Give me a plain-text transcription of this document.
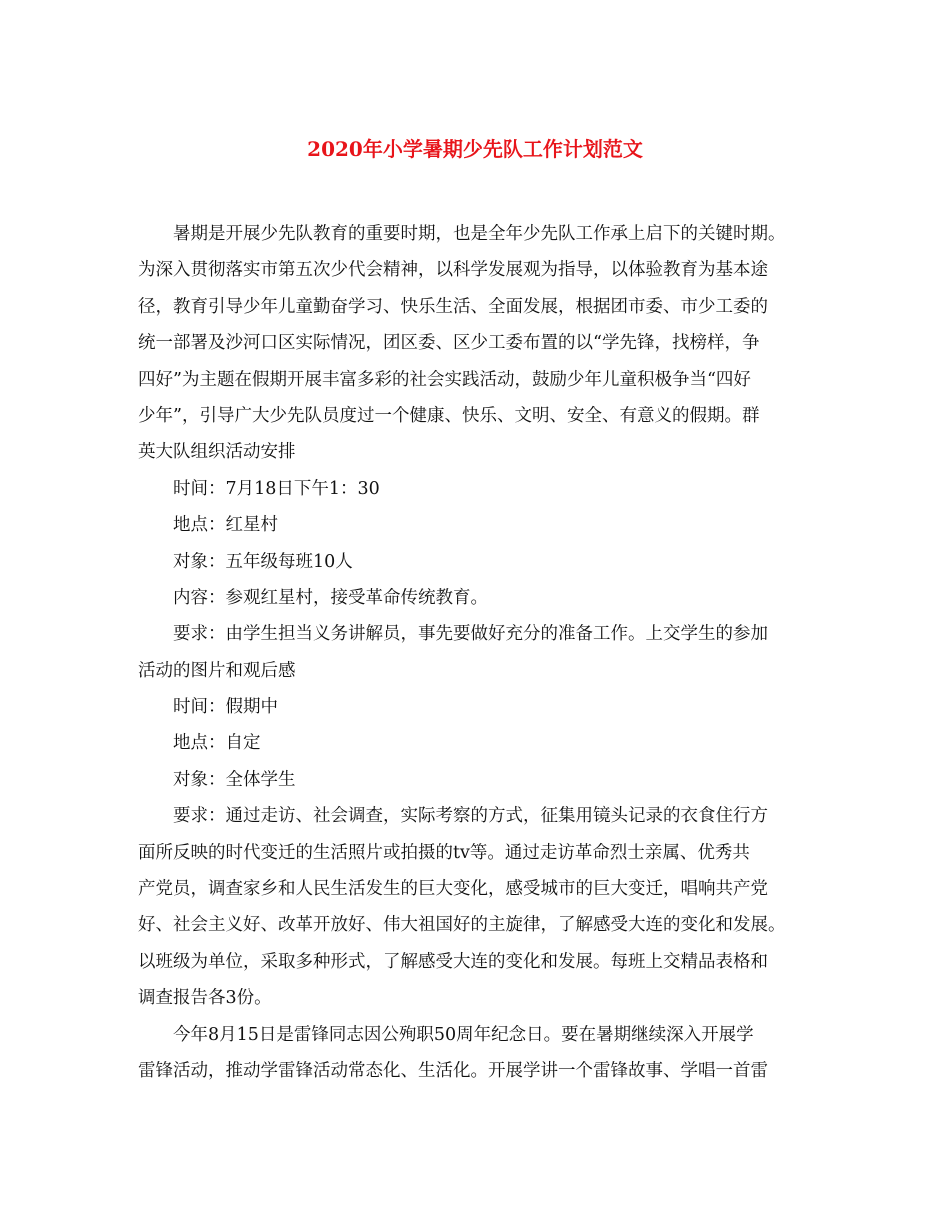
2020年小学暑期少先队工作计划范文
暑期是开展少先队教育的重要时期，也是全年少先队工作承上启下的关键时期。
为深入贯彻落实市第五次少代会精神，以科学发展观为指导，以体验教育为基本途
径，教育引导少年儿童勤奋学习、快乐生活、全面发展，根据团市委、市少工委的
统一部署及沙河口区实际情况，团区委、区少工委布置的以“学先锋，找榜样，争
四好”为主题在假期开展丰富多彩的社会实践活动，鼓励少年儿童积极争当“四好
少年”，引导广大少先队员度过一个健康、快乐、文明、安全、有意义的假期。群
英大队组织活动安排
时间：7月18日下午1：30
地点：红星村
对象：五年级每班10人
内容：参观红星村，接受革命传统教育。
要求：由学生担当义务讲解员，事先要做好充分的准备工作。上交学生的参加
活动的图片和观后感
时间：假期中
地点：自定
对象：全体学生
要求：通过走访、社会调查，实际考察的方式，征集用镜头记录的衣食住行方
面所反映的时代变迁的生活照片或拍摄的tv等。通过走访革命烈士亲属、优秀共
产党员，调查家乡和人民生活发生的巨大变化，感受城市的巨大变迁，唱响共产党
好、社会主义好、改革开放好、伟大祖国好的主旋律，了解感受大连的变化和发展。
以班级为单位，采取多种形式，了解感受大连的变化和发展。每班上交精品表格和
调查报告各3份。
今年8月15日是雷锋同志因公殉职50周年纪念日。要在暑期继续深入开展学
雷锋活动，推动学雷锋活动常态化、生活化。开展学讲一个雷锋故事、学唱一首雷
